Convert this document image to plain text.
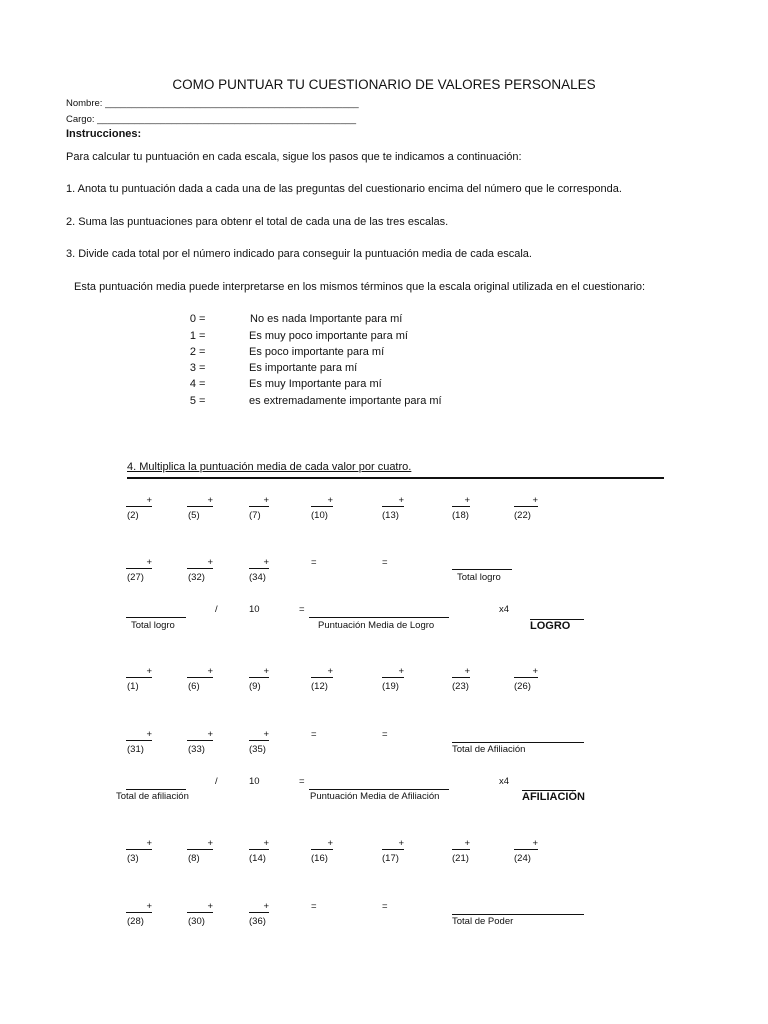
COMO PUNTUAR TU CUESTIONARIO DE VALORES PERSONALES
Nombre: ________________________________________________
Cargo: _________________________________________________
Instrucciones:
Para calcular tu puntuación en cada escala, sigue los pasos que te indicamos a continuación:
1. Anota tu puntuación dada a cada una de las preguntas del cuestionario encima del número que le corresponda.
2. Suma las puntuaciones para obtenr el total de cada una de las tres escalas.
3. Divide cada total por el número indicado para conseguir la puntuación media de cada escala.
Esta puntuación media puede interpretarse en los mismos términos que la escala original utilizada en el cuestionario:
0 =	No es nada Importante para mí
1 =	Es muy poco importante para mí
2 =	Es poco importante para mí
3 =	Es importante para mí
4 =	Es muy Importante para mí
5 =	es extremadamente importante para mí
4. Multiplica la puntuación media de cada valor por cuatro.
+	+	+	+	+	+	+
(2)	(5)	(7)	(10)	(13)	(18)	(22)
+	+	+	=	=
(27)	(32)	(34)	Total logro
/	10	=	x4
Total logro	Puntuación Media de Logro	LOGRO
+	+	+	+	+	+	+
(1)	(6)	(9)	(12)	(19)	(23)	(26)
+	+	+	=	=
(31)	(33)	(35)	Total de Afiliación
/	10	=	x4
Total de afiliación	Puntuación Media de Afiliación	AFILIACIÓN
+	+	+	+	+	+	+
(3)	(8)	(14)	(16)	(17)	(21)	(24)
+	+	+	=	=
(28)	(30)	(36)	Total de Poder
